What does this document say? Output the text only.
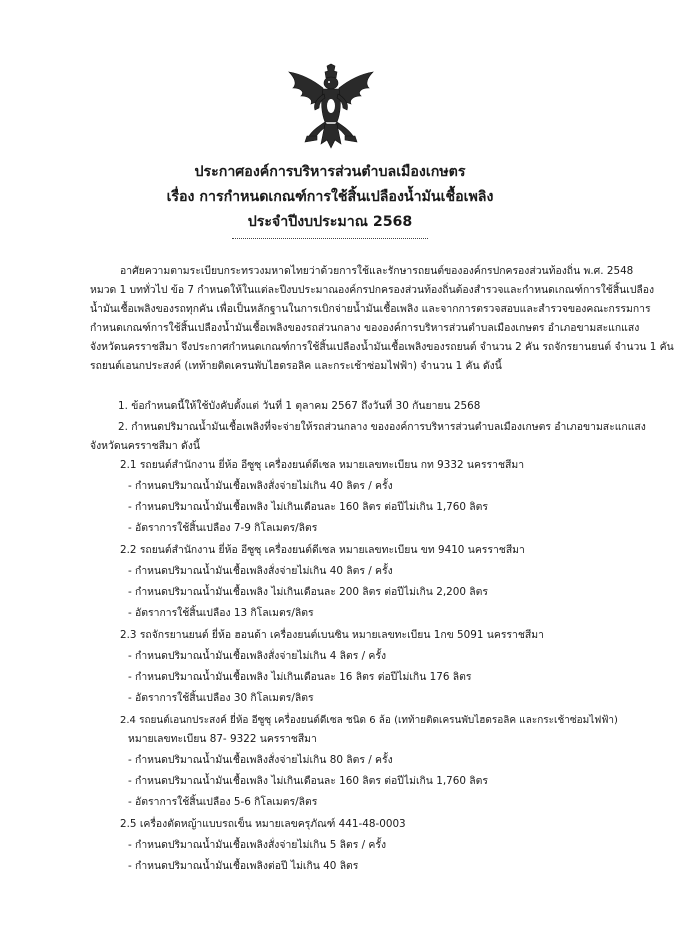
ประกาศองค์การบริหารส่วนตำบลเมืองเกษตร
เรื่อง การกำหนดเกณฑ์การใช้สิ้นเปลืองน้ำมันเชื้อเพลิง
ประจำปีงบประมาณ 2568
อาศัยความตามระเบียบกระทรวงมหาดไทยว่าด้วยการใช้และรักษารถยนต์ขององค์กรปกครองส่วนท้องถิ่น พ.ศ. 2548
หมวด 1 บททั่วไป ข้อ 7 กำหนดให้ในแต่ละปีงบประมาณองค์กรปกครองส่วนท้องถิ่นต้องสำรวจและกำหนดเกณฑ์การใช้สิ้นเปลือง
น้ำมันเชื้อเพลิงของรถทุกคัน เพื่อเป็นหลักฐานในการเบิกจ่ายน้ำมันเชื้อเพลิง และจากการตรวจสอบและสำรวจของคณะกรรมการ
กำหนดเกณฑ์การใช้สิ้นเปลืองน้ำมันเชื้อเพลิงของรถส่วนกลาง ขององค์การบริหารส่วนตำบลเมืองเกษตร อำเภอขามสะแกแสง
จังหวัดนครราชสีมา จึงประกาศกำหนดเกณฑ์การใช้สิ้นเปลืองน้ำมันเชื้อเพลิงของรถยนต์ จำนวน 2 คัน รถจักรยานยนต์ จำนวน 1 คัน
รถยนต์เอนกประสงค์ (เทท้ายติดเครนพับไฮดรอลิค และกระเช้าซ่อมไฟฟ้า) จำนวน 1 คัน ดังนี้
1. ข้อกำหนดนี้ให้ใช้บังคับตั้งแต่ วันที่ 1 ตุลาคม 2567 ถึงวันที่ 30 กันยายน 2568
2. กำหนดปริมาณน้ำมันเชื้อเพลิงที่จะจ่ายให้รถส่วนกลาง ขององค์การบริหารส่วนตำบลเมืองเกษตร อำเภอขามสะแกแสง
จังหวัดนครราชสีมา ดังนี้
2.1 รถยนต์สำนักงาน ยี่ห้อ อีซูซุ เครื่องยนต์ดีเซล หมายเลขทะเบียน กท 9332 นครราชสีมา
- กำหนดปริมาณน้ำมันเชื้อเพลิงสั่งจ่ายไม่เกิน 40 ลิตร / ครั้ง
- กำหนดปริมาณน้ำมันเชื้อเพลิง ไม่เกินเดือนละ 160 ลิตร ต่อปีไม่เกิน 1,760 ลิตร
- อัตราการใช้สิ้นเปลือง 7-9 กิโลเมตร/ลิตร
2.2 รถยนต์สำนักงาน ยี่ห้อ อีซูซุ เครื่องยนต์ดีเซล หมายเลขทะเบียน ขท 9410 นครราชสีมา
- กำหนดปริมาณน้ำมันเชื้อเพลิงสั่งจ่ายไม่เกิน 40 ลิตร / ครั้ง
- กำหนดปริมาณน้ำมันเชื้อเพลิง ไม่เกินเดือนละ 200 ลิตร ต่อปีไม่เกิน 2,200 ลิตร
- อัตราการใช้สิ้นเปลือง 13 กิโลเมตร/ลิตร
2.3 รถจักรยานยนต์ ยี่ห้อ ฮอนด้า เครื่องยนต์เบนซิน หมายเลขทะเบียน 1กข 5091 นครราชสีมา
- กำหนดปริมาณน้ำมันเชื้อเพลิงสั่งจ่ายไม่เกิน 4 ลิตร / ครั้ง
- กำหนดปริมาณน้ำมันเชื้อเพลิง ไม่เกินเดือนละ 16 ลิตร ต่อปีไม่เกิน 176 ลิตร
- อัตราการใช้สิ้นเปลือง 30 กิโลเมตร/ลิตร
2.4 รถยนต์เอนกประสงค์ ยี่ห้อ อีซูซุ เครื่องยนต์ดีเซล ชนิด 6 ล้อ (เทท้ายติดเครนพับไฮดรอลิค และกระเช้าซ่อมไฟฟ้า)
หมายเลขทะเบียน 87- 9322 นครราชสีมา
- กำหนดปริมาณน้ำมันเชื้อเพลิงสั่งจ่ายไม่เกิน 80 ลิตร / ครั้ง
- กำหนดปริมาณน้ำมันเชื้อเพลิง ไม่เกินเดือนละ 160 ลิตร ต่อปีไม่เกิน 1,760 ลิตร
- อัตราการใช้สิ้นเปลือง 5-6 กิโลเมตร/ลิตร
2.5 เครื่องตัดหญ้าแบบรถเข็น หมายเลขครุภัณฑ์ 441-48-0003
- กำหนดปริมาณน้ำมันเชื้อเพลิงสั่งจ่ายไม่เกิน 5 ลิตร / ครั้ง
- กำหนดปริมาณน้ำมันเชื้อเพลิงต่อปี ไม่เกิน 40 ลิตร
